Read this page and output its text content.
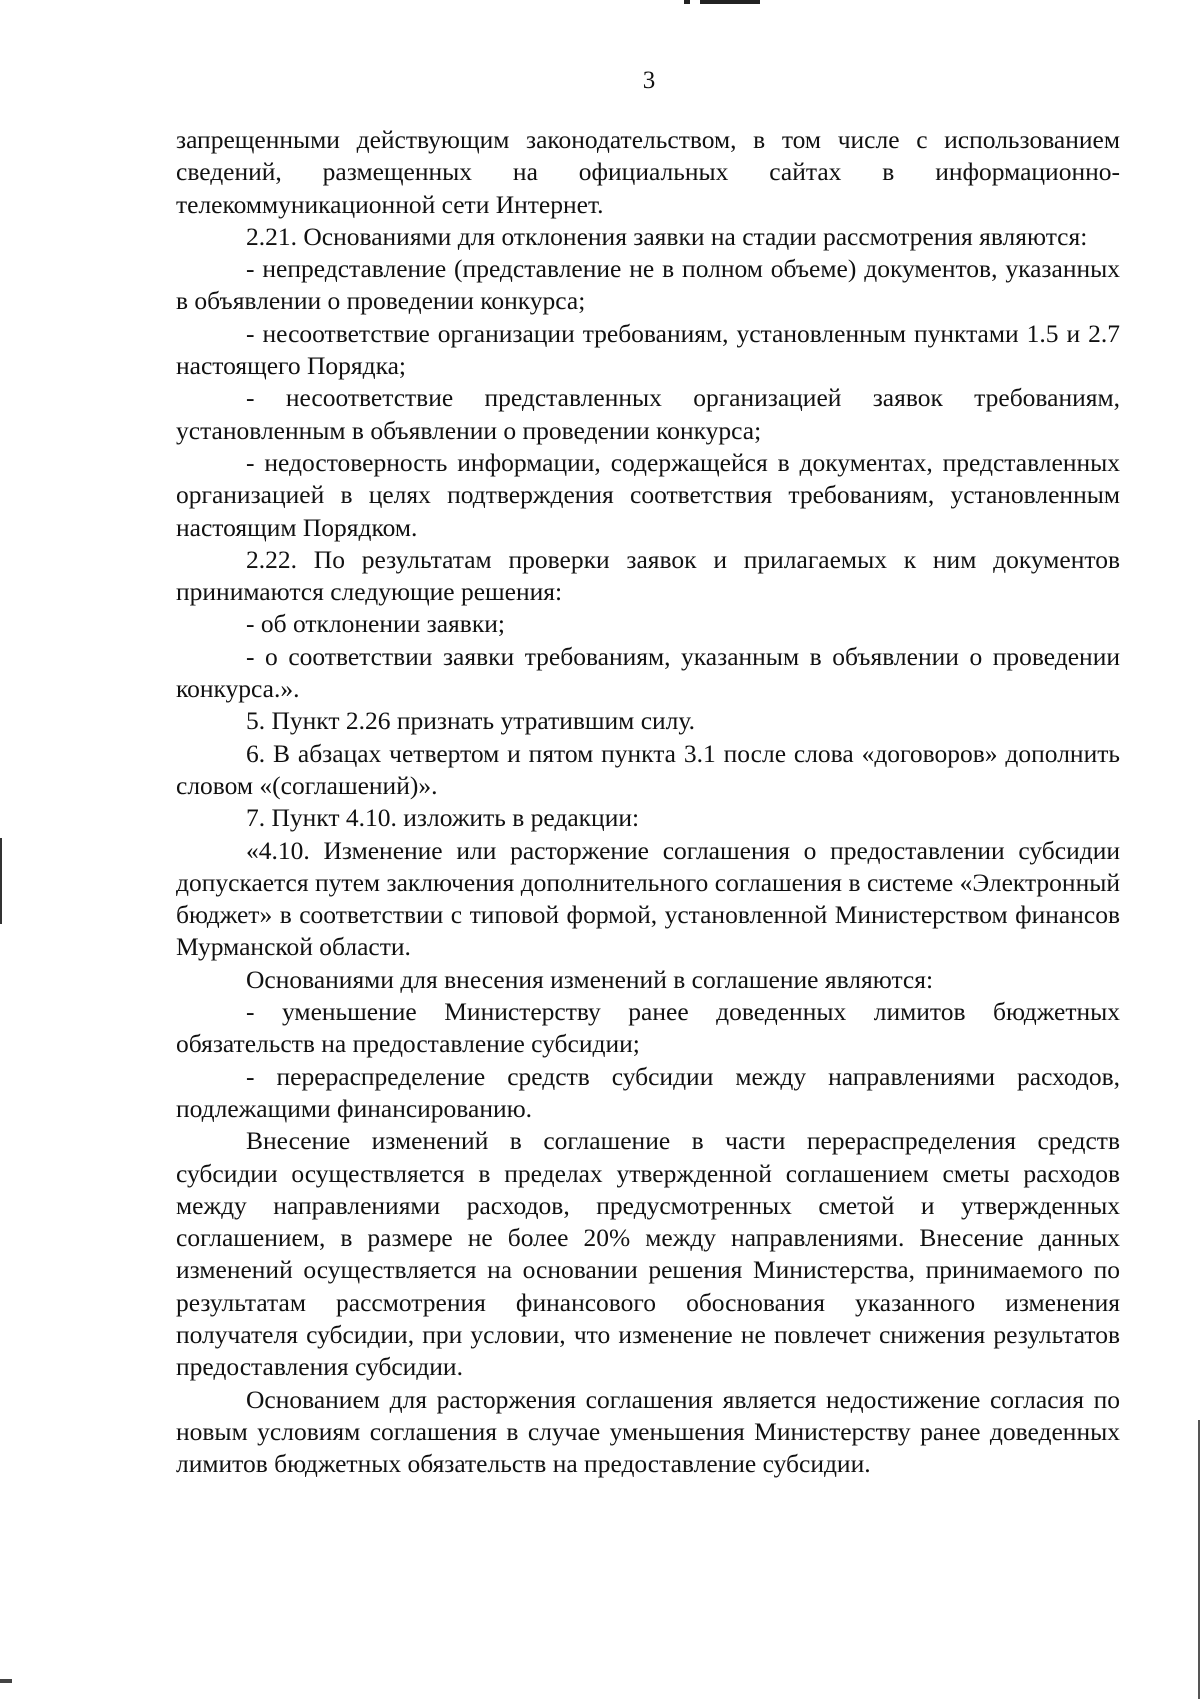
3

запрещенными действующим законодательством, в том числе с использованием сведений, размещенных на официальных сайтах в информационно-телекоммуникационной сети Интернет.

2.21. Основаниями для отклонения заявки на стадии рассмотрения являются:

- непредставление (представление не в полном объеме) документов, указанных в объявлении о проведении конкурса;

- несоответствие организации требованиям, установленным пунктами 1.5 и 2.7 настоящего Порядка;

- несоответствие представленных организацией заявок требованиям, установленным в объявлении о проведении конкурса;

- недостоверность информации, содержащейся в документах, представленных организацией в целях подтверждения соответствия требованиям, установленным настоящим Порядком.

2.22. По результатам проверки заявок и прилагаемых к ним документов принимаются следующие решения:

- об отклонении заявки;

- о соответствии заявки требованиям, указанным в объявлении о проведении конкурса.».

5. Пункт 2.26 признать утратившим силу.

6. В абзацах четвертом и пятом пункта 3.1 после слова «договоров» дополнить словом «(соглашений)».

7. Пункт 4.10. изложить в редакции:

«4.10. Изменение или расторжение соглашения о предоставлении субсидии допускается путем заключения дополнительного соглашения в системе «Электронный бюджет» в соответствии с типовой формой, установленной Министерством финансов Мурманской области.

Основаниями для внесения изменений в соглашение являются:

- уменьшение Министерству ранее доведенных лимитов бюджетных обязательств на предоставление субсидии;

- перераспределение средств субсидии между направлениями расходов, подлежащими финансированию.

Внесение изменений в соглашение в части перераспределения средств субсидии осуществляется в пределах утвержденной соглашением сметы расходов между направлениями расходов, предусмотренных сметой и утвержденных соглашением, в размере не более 20% между направлениями. Внесение данных изменений осуществляется на основании решения Министерства, принимаемого по результатам рассмотрения финансового обоснования указанного изменения получателя субсидии, при условии, что изменение не повлечет снижения результатов предоставления субсидии.

Основанием для расторжения соглашения является недостижение согласия по новым условиям соглашения в случае уменьшения Министерству ранее доведенных лимитов бюджетных обязательств на предоставление субсидии.
